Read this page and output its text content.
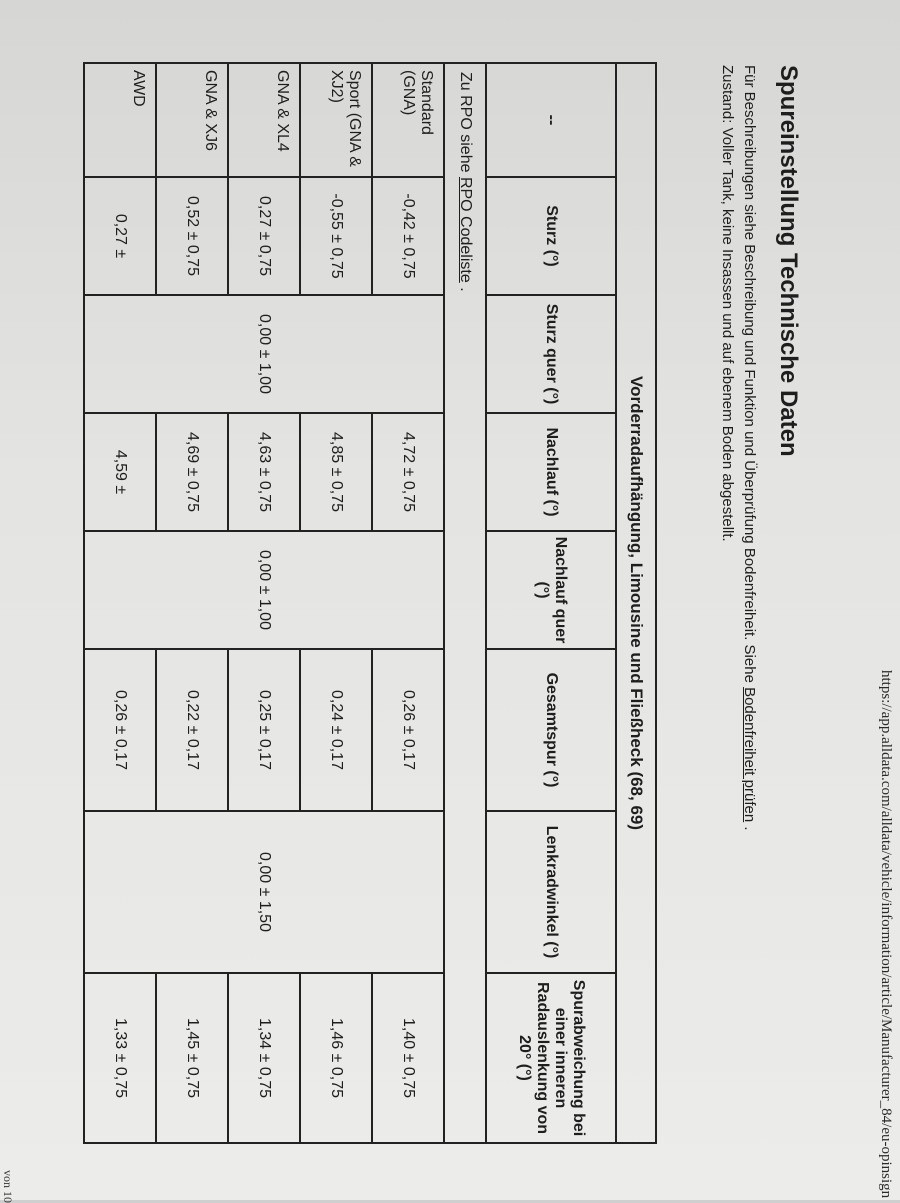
https://app.alldata.com/alldata/vehicle/information/article/Manufacturer_84/eu-opinsign
von 10
Spureinstellung Technische Daten

Für Beschreibungen siehe Beschreibung und Funktion und Überprüfung Bodenfreiheit. Siehe Bodenfreiheit prüfen .

Zustand: Voller Tank, keine Insassen und auf ebenem Boden abgestellt.

Vorderradaufhängung, Limousine und Fließheck (68, 69)							
--	Sturz (°)	Sturz quer (°)	Nachlauf (°)	Nachlauf quer (°)	Gesamtspur (°)	Lenkradwinkel (°)	Spurabweichung bei einer inneren Radauslenkung von 20° (°)
Zu RPO siehe RPO Codeliste .							
Standard (GNA)	-0,42 ± 0,75	0,00 ± 1,00	4,72 ± 0,75	0,00 ± 1,00	0,26 ± 0,17	0,00 ± 1,50	1,40 ± 0,75
Sport (GNA & XJ2)	-0,55 ± 0,75		4,85 ± 0,75		0,24 ± 0,17		1,46 ± 0,75
GNA & XL4	0,27 ± 0,75		4,63 ± 0,75		0,25 ± 0,17		1,34 ± 0,75
GNA & XJ6	0,52 ± 0,75		4,69 ± 0,75		0,22 ± 0,17		1,45 ± 0,75
AWD	0,27 ±		4,59 ±		0,26 ± 0,17		1,33 ± 0,75
